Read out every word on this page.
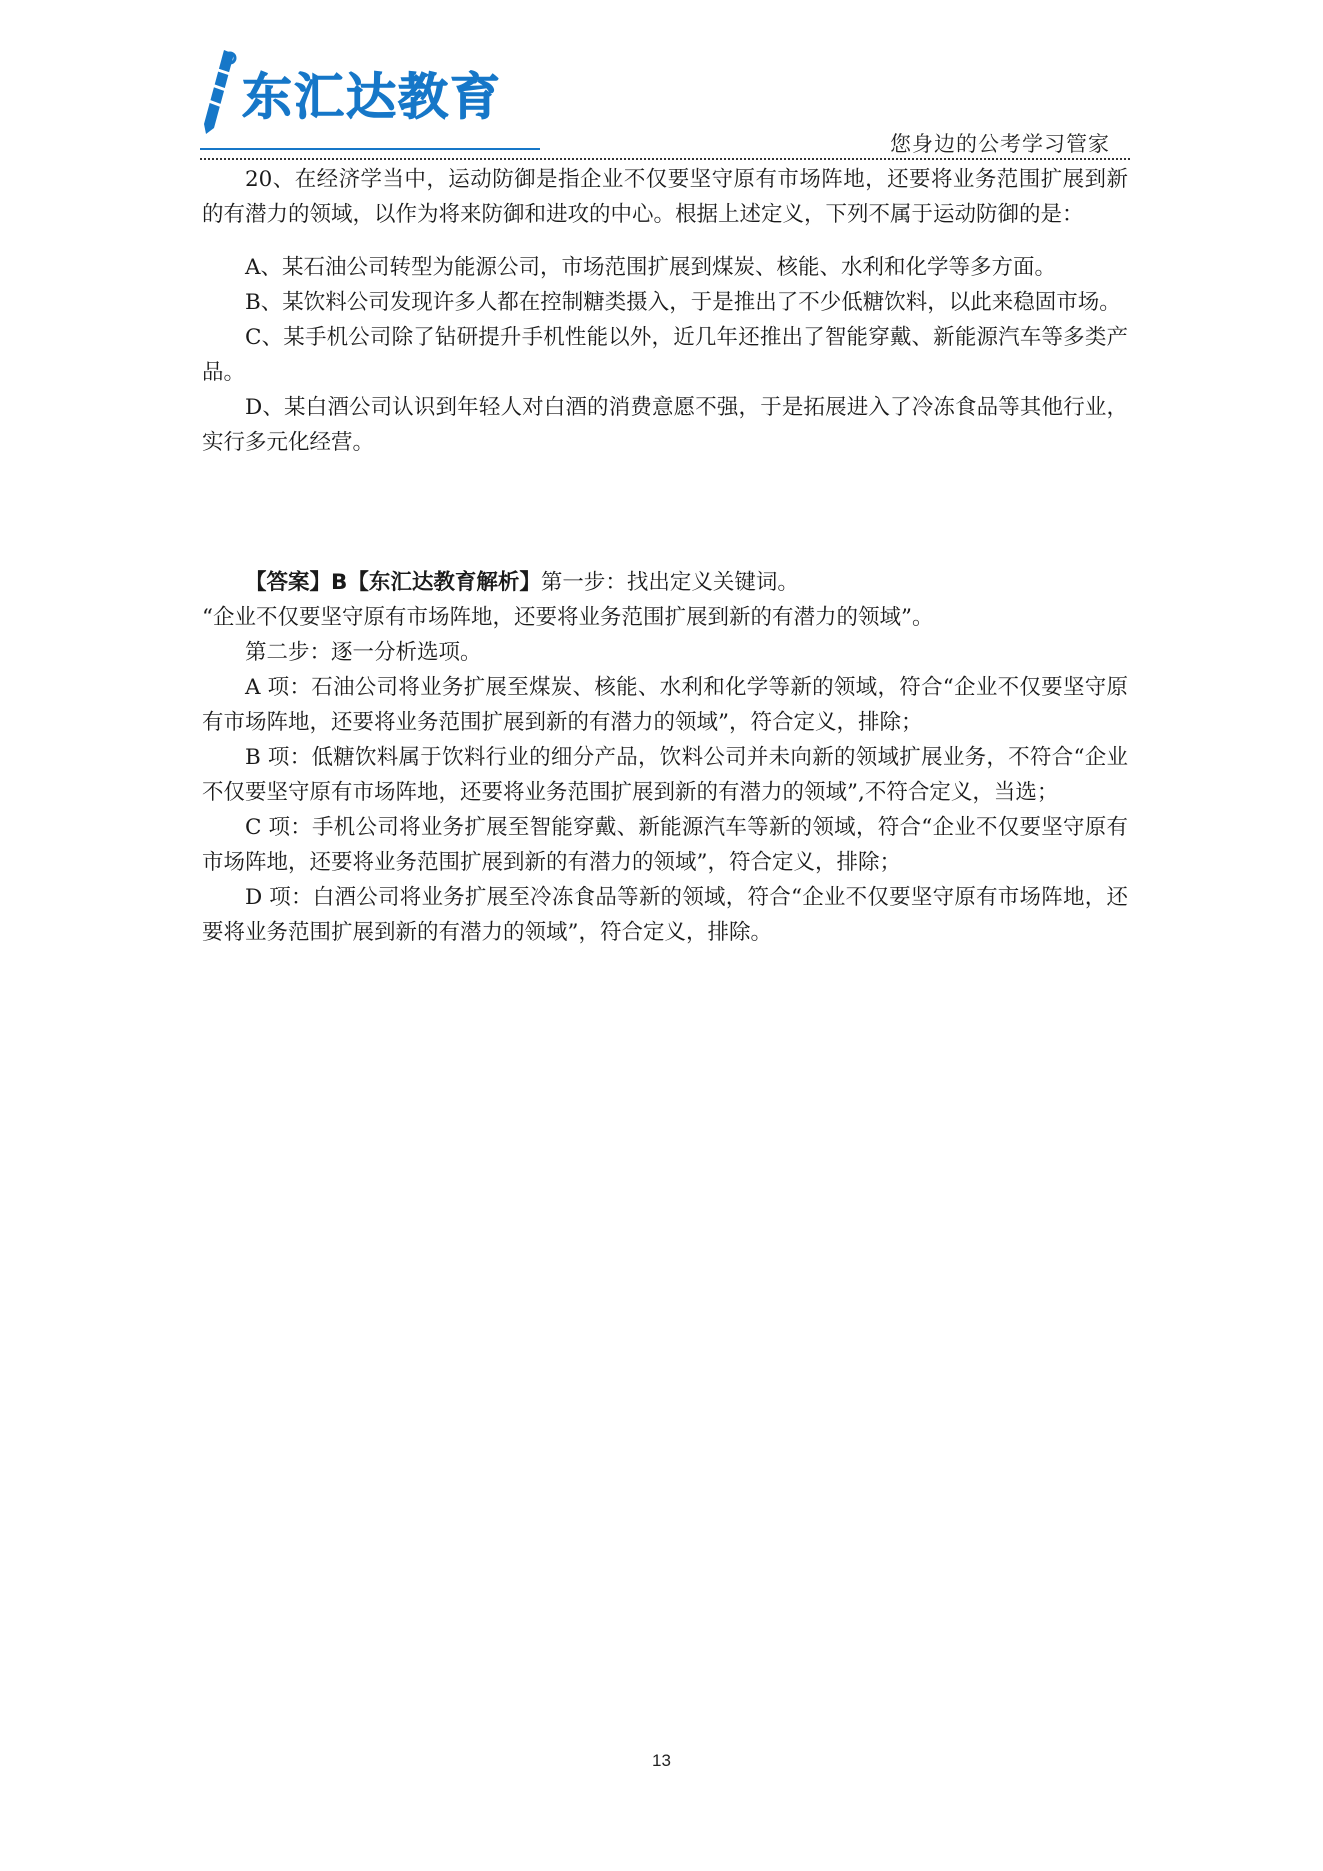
东汇达教育
您身边的公考学习管家

20、在经济学当中，运动防御是指企业不仅要坚守原有市场阵地，还要将业务范围扩展到新的有潜力的领域，以作为将来防御和进攻的中心。根据上述定义，下列不属于运动防御的是：

A、某石油公司转型为能源公司，市场范围扩展到煤炭、核能、水利和化学等多方面。

B、某饮料公司发现许多人都在控制糖类摄入，于是推出了不少低糖饮料，以此来稳固市场。

C、某手机公司除了钻研提升手机性能以外，近几年还推出了智能穿戴、新能源汽车等多类产品。

D、某白酒公司认识到年轻人对白酒的消费意愿不强，于是拓展进入了冷冻食品等其他行业，实行多元化经营。

【答案】B【东汇达教育解析】第一步：找出定义关键词。

“企业不仅要坚守原有市场阵地，还要将业务范围扩展到新的有潜力的领域”。

第二步：逐一分析选项。

A 项：石油公司将业务扩展至煤炭、核能、水利和化学等新的领域，符合“企业不仅要坚守原有市场阵地，还要将业务范围扩展到新的有潜力的领域”，符合定义，排除；

B 项：低糖饮料属于饮料行业的细分产品，饮料公司并未向新的领域扩展业务，不符合“企业不仅要坚守原有市场阵地，还要将业务范围扩展到新的有潜力的领域”,不符合定义，当选；

C 项：手机公司将业务扩展至智能穿戴、新能源汽车等新的领域，符合“企业不仅要坚守原有市场阵地，还要将业务范围扩展到新的有潜力的领域”，符合定义，排除；

D 项：白酒公司将业务扩展至冷冻食品等新的领域，符合“企业不仅要坚守原有市场阵地，还要将业务范围扩展到新的有潜力的领域”，符合定义，排除。

13
